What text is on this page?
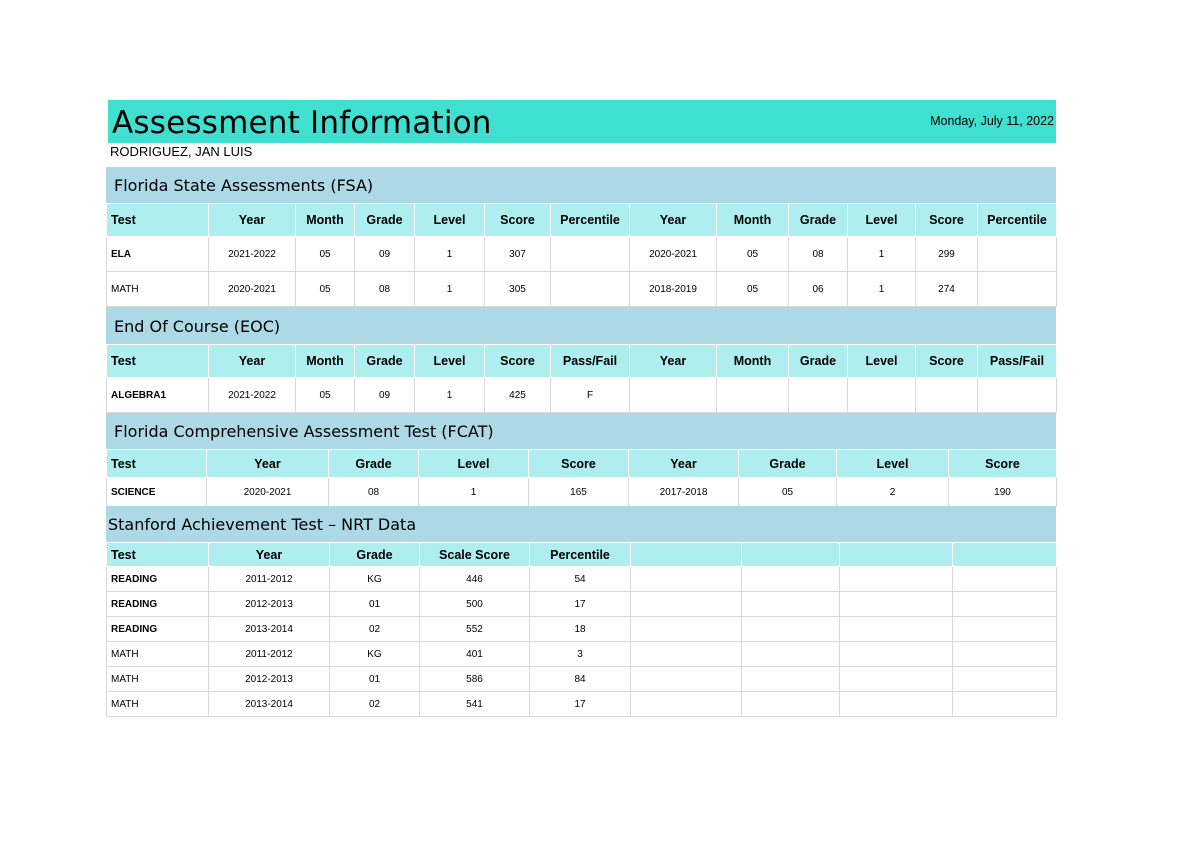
Assessment Information	Monday, July 11, 2022
RODRIGUEZ, JAN LUIS
Florida State Assessments (FSA)
Test	Year	Month	Grade	Level	Score	Percentile	Year	Month	Grade	Level	Score	Percentile
ELA	2021-2022	05	09	1	307		2020-2021	05	08	1	299	
MATH	2020-2021	05	08	1	305		2018-2019	05	06	1	274	
End Of Course (EOC)
Test	Year	Month	Grade	Level	Score	Pass/Fail	Year	Month	Grade	Level	Score	Pass/Fail
ALGEBRA1	2021-2022	05	09	1	425	F						
Florida Comprehensive Assessment Test (FCAT)
Test	Year	Grade	Level	Score	Year	Grade	Level	Score
SCIENCE	2020-2021	08	1	165	2017-2018	05	2	190
Stanford Achievement Test – NRT Data
Test	Year	Grade	Scale Score	Percentile				
READING	2011-2012	KG	446	54				
READING	2012-2013	01	500	17				
READING	2013-2014	02	552	18				
MATH	2011-2012	KG	401	3				
MATH	2012-2013	01	586	84				
MATH	2013-2014	02	541	17				
